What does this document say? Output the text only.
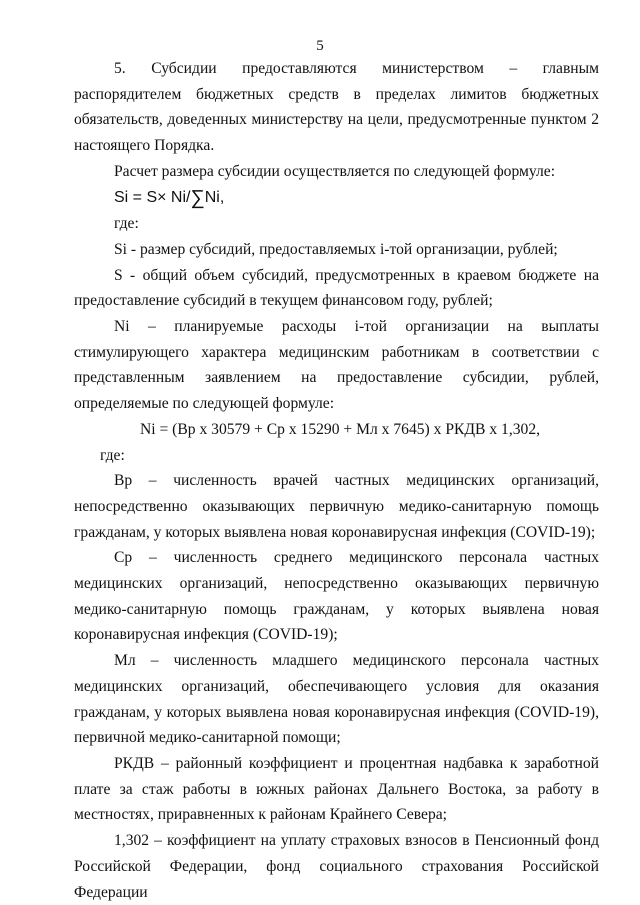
5

5. Субсидии предоставляются министерством – главным распорядителем бюджетных средств в пределах лимитов бюджетных обязательств, доведенных министерству на цели, предусмотренные пунктом 2 настоящего Порядка.

Расчет размера субсидии осуществляется по следующей формуле:

Si = S× Ni/∑Ni,

где:

Si - размер субсидий, предоставляемых i-той организации, рублей;

S - общий объем субсидий, предусмотренных в краевом бюджете на предоставление субсидий в текущем финансовом году, рублей;

Ni – планируемые расходы i-той организации на выплаты стимулирующего характера медицинским работникам в соответствии с представленным заявлением на предоставление субсидии, рублей, определяемые по следующей формуле:

Ni = (Вр х 30579 + Ср х 15290 + Мл х 7645) х РКДВ х 1,302,

где:

Вр – численность врачей частных медицинских организаций, непосредственно оказывающих первичную медико-санитарную помощь гражданам, у которых выявлена новая коронавирусная инфекция (COVID-19);

Ср – численность среднего медицинского персонала частных медицинских организаций, непосредственно оказывающих первичную медико-санитарную помощь гражданам, у которых выявлена новая коронавирусная инфекция (COVID-19);

Мл – численность младшего медицинского персонала частных медицинских организаций, обеспечивающего условия для оказания гражданам, у которых выявлена новая коронавирусная инфекция (COVID-19), первичной медико-санитарной помощи;

РКДВ – районный коэффициент и процентная надбавка к заработной плате за стаж работы в южных районах Дальнего Востока, за работу в местностях, приравненных к районам Крайнего Севера;

1,302 – коэффициент на уплату страховых взносов в Пенсионный фонд Российской Федерации, фонд социального страхования Российской Федерации
